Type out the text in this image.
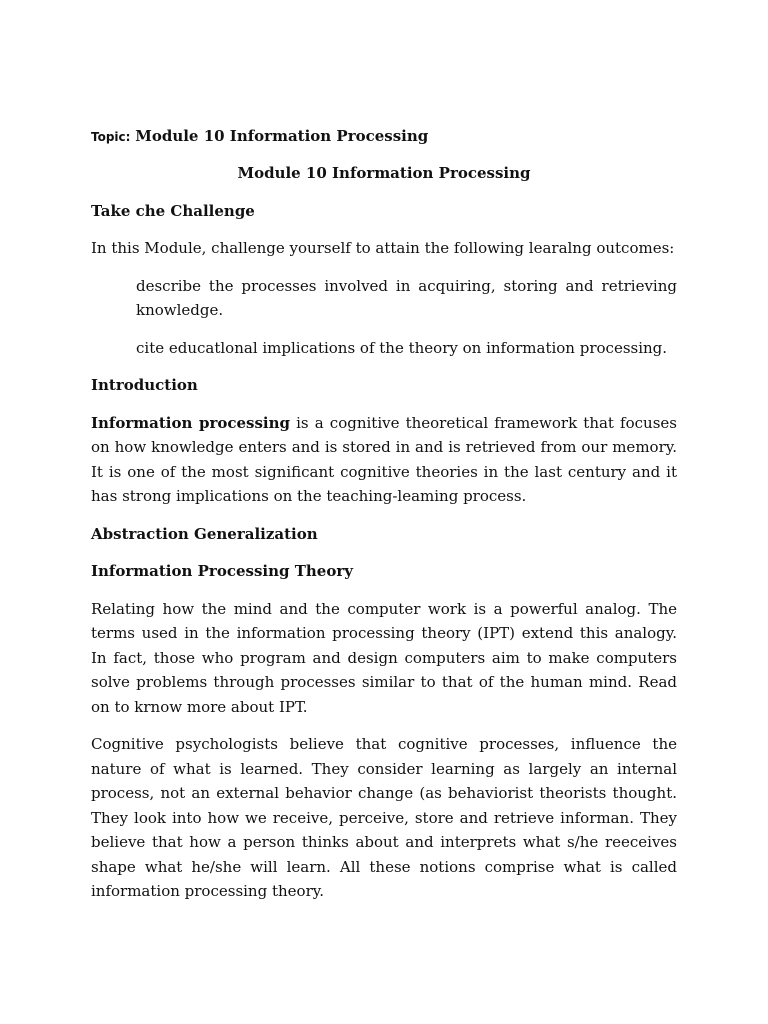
Topic: Module 10 Information Processing
Module 10 Information Processing
Take che Challenge
In this Module, challenge yourself to attain the following learalng outcomes:
describe the processes involved in acquiring, storing and retrieving knowledge.
cite educatlonal implications of the theory on information processing.
Introduction
Information processing is a cognitive theoretical framework that focuses on how knowledge enters and is stored in and is retrieved from our memory. It is one of the most significant cognitive theories in the last century and it has strong implications on the teaching-leaming process.
Abstraction Generalization
Information Processing Theory
Relating how the mind and the computer work is a powerful analog. The terms used in the information processing theory (IPT) extend this analogy. In fact, those who program and design computers aim to make computers solve problems through processes similar to that of the human mind. Read on to krnow more about IPT.
Cognitive psychologists believe that cognitive processes, influence the nature of what is learned. They consider learning as largely an internal process, not an external behavior change (as behaviorist theorists thought. They look into how we receive, perceive, store and retrieve informan. They believe that how a person thinks about and interprets what s/he reeceives shape what he/she will learn. All these notions comprise what is called information processing theory.
